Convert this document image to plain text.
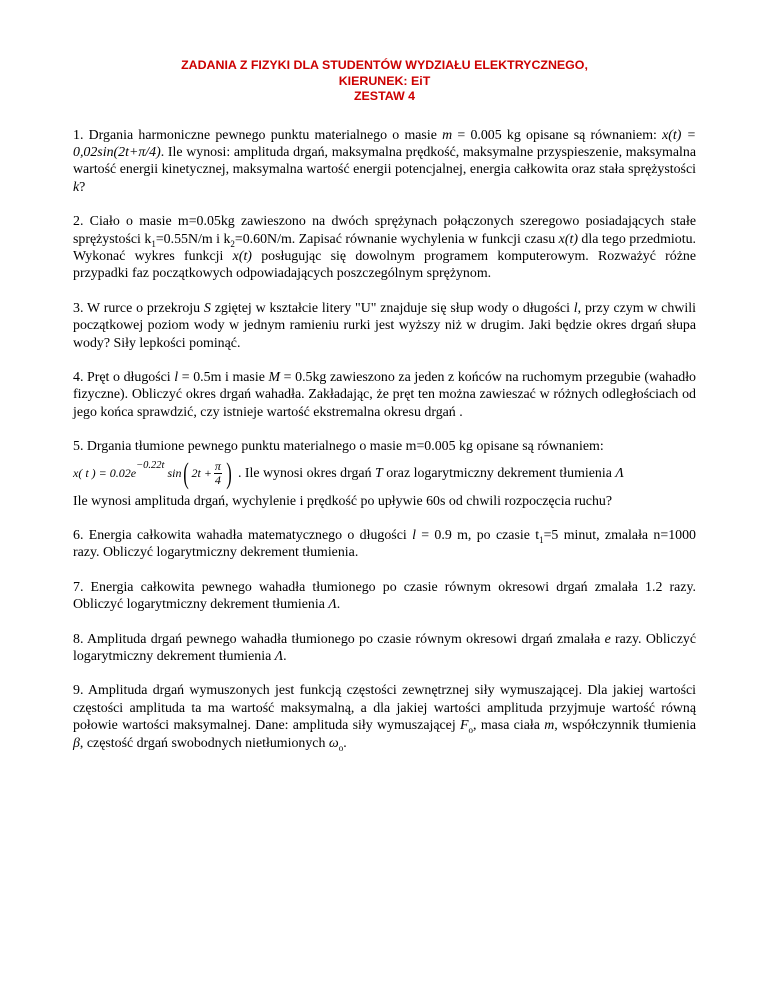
ZADANIA Z FIZYKI DLA STUDENTÓW WYDZIAŁU ELEKTRYCZNEGO,
KIERUNEK: EiT
ZESTAW 4

1. Drgania harmoniczne pewnego punktu materialnego o masie m = 0.005 kg opisane są równaniem: x(t) = 0,02sin(2t+π/4). Ile wynosi: amplituda drgań, maksymalna prędkość, maksymalne przyspieszenie, maksymalna wartość energii kinetycznej, maksymalna wartość energii potencjalnej, energia całkowita oraz stała sprężystości k?

2. Ciało o masie m=0.05kg zawieszono na dwóch sprężynach połączonych szeregowo posiadających stałe sprężystości $k_1=0.55N/m$ i $k_2=0.60N/m$. Zapisać równanie wychylenia w funkcji czasu x(t) dla tego przedmiotu. Wykonać wykres funkcji x(t) posługując się dowolnym programem komputerowym. Rozważyć różne przypadki faz początkowych odpowiadających poszczególnym sprężynom.

3. W rurce o przekroju S zgiętej w kształcie litery "U" znajduje się słup wody o długości l, przy czym w chwili początkowej poziom wody w jednym ramieniu rurki jest wyższy niż w drugim. Jaki będzie okres drgań słupa wody? Siły lepkości pominąć.

4. Pręt o długości l = 0.5m i masie M = 0.5kg zawieszono za jeden z końców na ruchomym przegubie (wahadło fizyczne). Obliczyć okres drgań wahadła. Zakładając, że pręt ten można zawieszać w różnych odległościach od jego końca sprawdzić, czy istnieje wartość ekstremalna okresu drgań .

5. Drgania tłumione pewnego punktu materialnego o masie m=0.005 kg opisane są równaniem:

x( t ) = 0.02e
−0.22t

sin ( $2t + \frac{\pi}{4}$ ) . Ile wynosi okres drgań T oraz logarytmiczny dekrement tłumienia Λ

Ile wynosi amplituda drgań, wychylenie i prędkość po upływie 60s od chwili rozpoczęcia ruchu?

6. Energia całkowita wahadła matematycznego o długości l = 0.9 m, po czasie $t_1=5$ minut, zmalała n=1000 razy. Obliczyć logarytmiczny dekrement tłumienia.

7. Energia całkowita pewnego wahadła tłumionego po czasie równym okresowi drgań zmalała 1.2 razy. Obliczyć logarytmiczny dekrement tłumienia Λ.

8. Amplituda drgań pewnego wahadła tłumionego po czasie równym okresowi drgań zmalała e razy. Obliczyć logarytmiczny dekrement tłumienia Λ.

9. Amplituda drgań wymuszonych jest funkcją częstości zewnętrznej siły wymuszającej. Dla jakiej wartości częstości amplituda ta ma wartość maksymalną, a dla jakiej wartości amplituda przyjmuje wartość równą połowie wartości maksymalnej. Dane: amplituda siły wymuszającej $F_o$, masa ciała m, współczynnik tłumienia β, częstość drgań swobodnych nietłumionych $\omega_o$.
